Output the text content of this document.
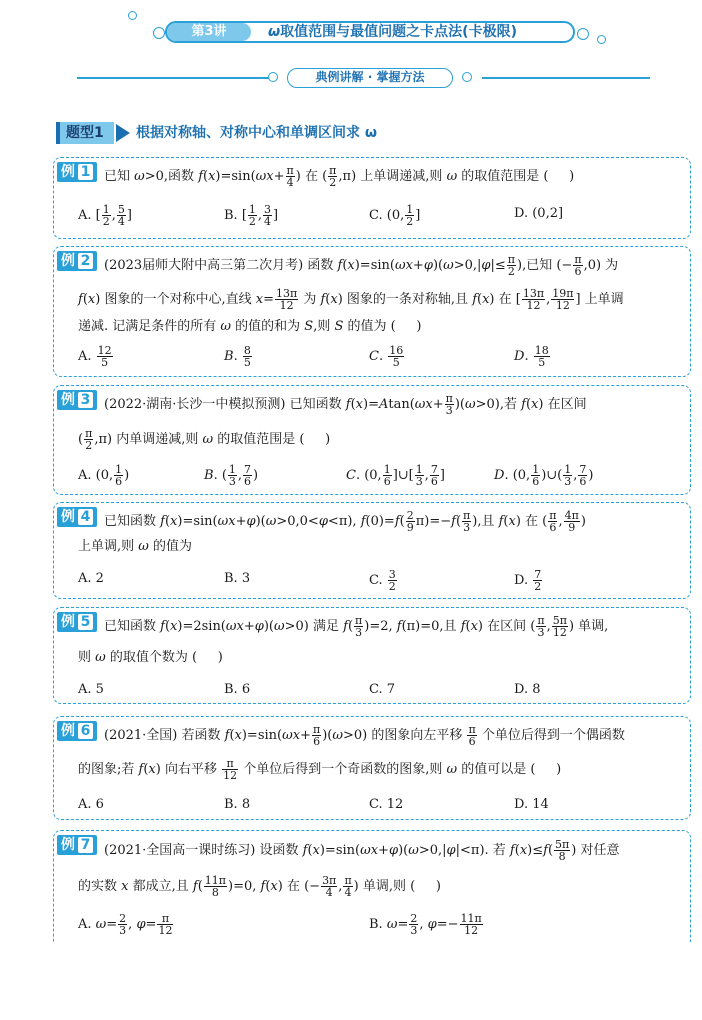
第3讲	ω取值范围与最值问题之卡点法(卡极限)
典例讲解 · 掌握方法
题型1	根据对称轴、对称中心和单调区间求 ω
例 1	已知 ω>0,函数 $f(x)=\sin(\omega x+ \frac{\pi}{4}$ ) 在 ( $\frac{\pi}{2} ,\pi$) 上单调递减,则 ω 的取值范围是 (     )
A. [ $\frac{1}{2}$ , $\frac{5}{4}$ ]	B. [ $\frac{1}{2}$ , $\frac{3}{4}$ ]	C. (0, $\frac{1}{2}$ ]	D. (0,2]
例 2	(2023届师大附中高三第二次月考) 函数 $f(x)=\sin(\omega x+\varphi)(\omega>0,|\varphi|\le \frac{\pi}{2}$ ),已知 (− $\frac{\pi}{6} ,0$) 为
f(x) 图象的一个对称中心,直线 $x= \frac{13\pi}{12}$ 为 f(x) 图象的一条对称轴,且 f(x) 在 [ $\frac{13\pi}{12}$ , $\frac{19\pi}{12}$ ] 上单调
递减. 记满足条件的所有 ω 的值的和为 S,则 S 的值为 (     )
A. $\frac{12}{5}$	B. $\frac{8}{5}$	C. $\frac{16}{5}$	D. $\frac{18}{5}$
例 3	(2022·湖南·长沙一中模拟预测) 已知函数 $f(x)=Atan(\omega x+ \frac{\pi}{3} )(\omega>0)$,若 f(x) 在区间
( $\frac{\pi}{2} ,\pi$) 内单调递减,则 ω 的取值范围是 (     )
A. (0, $\frac{1}{6}$ )	B. ( $\frac{1}{3}$ , $\frac{7}{6}$ )	C. (0, $\frac{1}{6}$ ]∪[ $\frac{1}{3}$ , $\frac{7}{6}$ ]	D. (0, $\frac{1}{6}$ )∪( $\frac{1}{3}$ , $\frac{7}{6}$ )
例 4	已知函数 f(x)=sin(ωx+φ)(ω>0,0<φ<π), $f(0)=f( \frac{2}{9} \pi)=-f( \frac{\pi}{3}$ ),且 f(x) 在 ( $\frac{\pi}{6}$ , $\frac{4\pi}{9}$ )
上单调,则 ω 的值为
A. 2	B. 3	C. $\frac{3}{2}$	D. $\frac{7}{2}$
例 5	已知函数 f(x)=2sin(ωx+φ)(ω>0) 满足 $f( \frac{\pi}{3} )=2$, f(π)=0,且 f(x) 在区间 ( $\frac{\pi}{3}$ , $\frac{5\pi}{12}$ ) 单调,
则 ω 的取值个数为 (     )
A. 5	B. 6	C. 7	D. 8
例 6	(2021·全国) 若函数 $f(x)=\sin(\omega x+ \frac{\pi}{6} )(\omega>0)$ 的图象向左平移 $\frac{\pi}{6}$ 个单位后得到一个偶函数
的图象;若 f(x) 向右平移 $\frac{\pi}{12}$ 个单位后得到一个奇函数的图象,则 ω 的值可以是 (     )
A. 6	B. 8	C. 12	D. 14
例 7	(2021·全国高一课时练习) 设函数 f(x)=sin(ωx+φ)(ω>0,|φ|<π). 若 $f(x)\le f( \frac{5\pi}{8}$ ) 对任意
的实数 x 都成立,且 $f( \frac{11\pi}{8} )=0$, f(x) 在 (− $\frac{3\pi}{4}$ , $\frac{\pi}{4}$ ) 单调,则 (     )
A. $\omega= \frac{2}{3}$ , $\varphi= \frac{\pi}{12}$	B. $\omega= \frac{2}{3}$ , $\varphi=- \frac{11\pi}{12}$
